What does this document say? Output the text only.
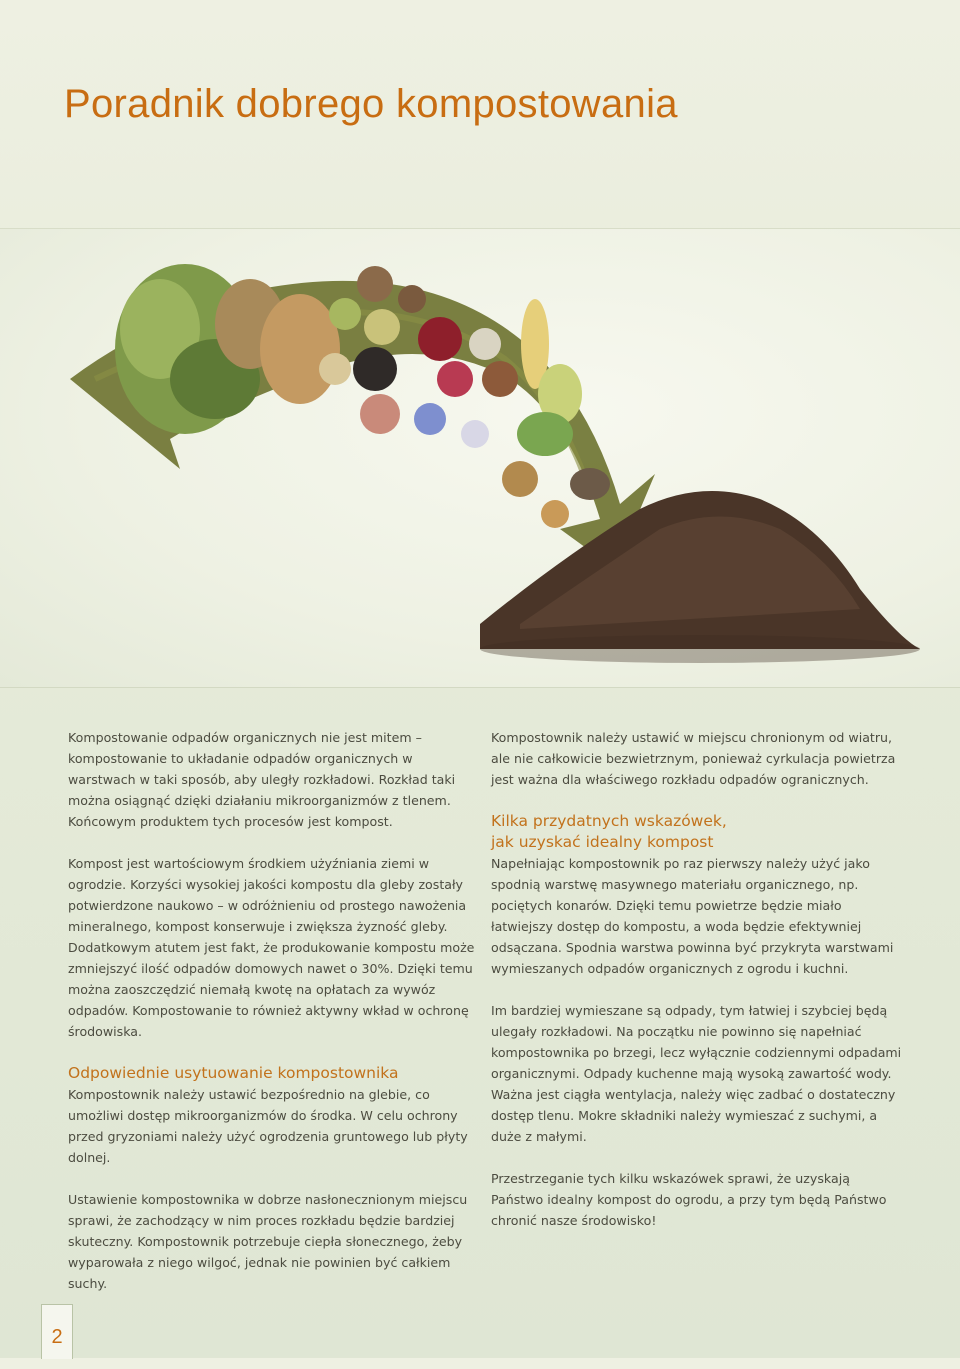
Poradnik dobrego kompostowania

Kompostowanie odpadów organicznych nie jest mitem – kompostowanie to układanie odpadów organicznych w warstwach w taki sposób, aby uległy rozkładowi. Rozkład taki można osiągnąć dzięki działaniu mikroorganizmów z tlenem. Końcowym produktem tych procesów jest kompost.

Kompost jest wartościowym środkiem użyźniania ziemi w ogrodzie. Korzyści wysokiej jakości kompostu dla gleby zostały potwierdzone naukowo – w odróżnieniu od prostego nawożenia mineralnego, kompost konserwuje i zwiększa żyzność gleby. Dodatkowym atutem jest fakt, że produkowanie kompostu może zmniejszyć ilość odpadów domowych nawet o 30%. Dzięki temu można zaoszczędzić niemałą kwotę na opłatach za wywóz odpadów. Kompostowanie to również aktywny wkład w ochronę środowiska.

Odpowiednie usytuowanie kompostownika

Kompostownik należy ustawić bezpośrednio na glebie, co umożliwi dostęp mikroorganizmów do środka. W celu ochrony przed gryzoniami należy użyć ogrodzenia gruntowego lub płyty dolnej.

Ustawienie kompostownika w dobrze nasłonecznionym miejscu sprawi, że zachodzący w nim proces rozkładu będzie bardziej skuteczny. Kompostownik potrzebuje ciepła słonecznego, żeby wyparowała z niego wilgoć, jednak nie powinien być całkiem suchy.

Kompostownik należy ustawić w miejscu chronionym od wiatru, ale nie całkowicie bezwietrznym, ponieważ cyrkulacja powietrza jest ważna dla właściwego rozkładu odpadów ogranicznych.

Kilka przydatnych wskazówek,
jak uzyskać idealny kompost

Napełniając kompostownik po raz pierwszy należy użyć jako spodnią warstwę masywnego materiału organicznego, np. pociętych konarów. Dzięki temu powietrze będzie miało łatwiejszy dostęp do kompostu, a woda będzie efektywniej odsączana. Spodnia warstwa powinna być przykryta warstwami wymieszanych odpadów organicznych z ogrodu i kuchni.

Im bardziej wymieszane są odpady, tym łatwiej i szybciej będą ulegały rozkładowi. Na początku nie powinno się napełniać kompostownika po brzegi, lecz wyłącznie codziennymi odpadami organicznymi. Odpady kuchenne mają wysoką zawartość wody. Ważna jest ciągła wentylacja, należy więc zadbać o dostateczny dostęp tlenu. Mokre składniki należy wymieszać z suchymi, a duże z małymi.

Przestrzeganie tych kilku wskazówek sprawi, że uzyskają Państwo idealny kompost do ogrodu, a przy tym będą Państwo chronić nasze środowisko!

2
